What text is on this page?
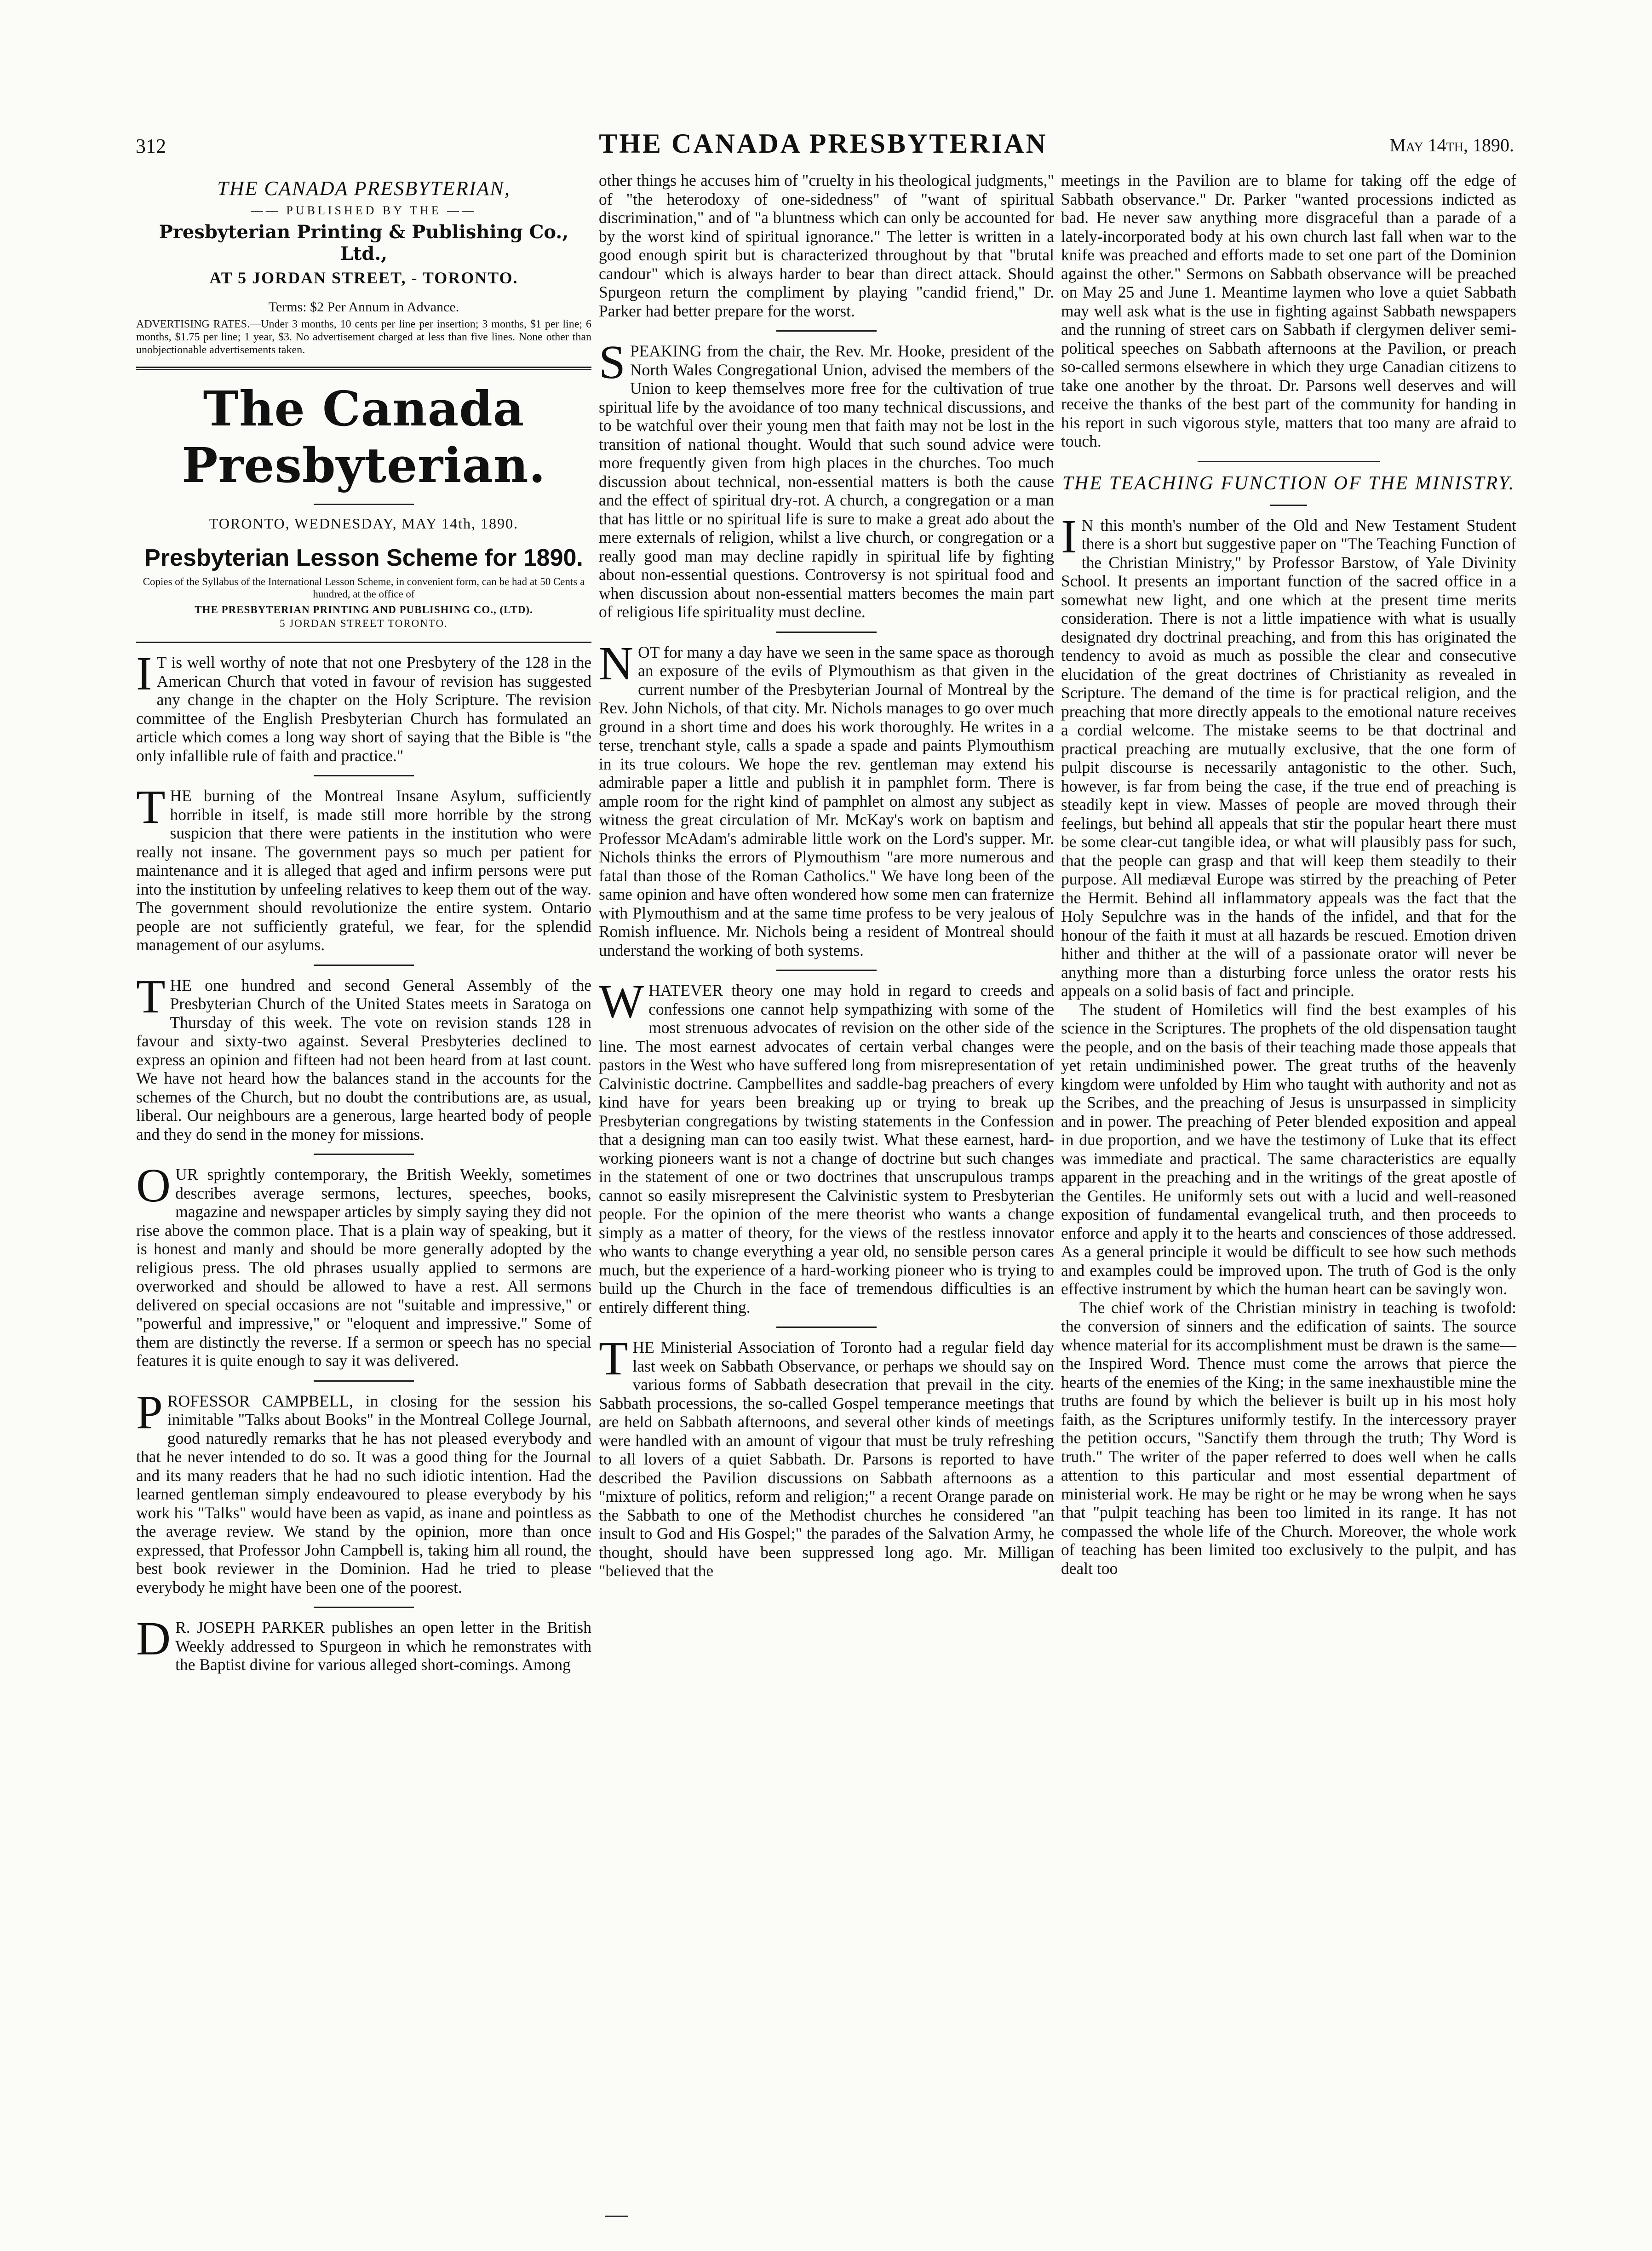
312	THE CANADA PRESBYTERIAN	May 14th, 1890.
THE CANADA PRESBYTERIAN,
—— PUBLISHED BY THE ——
Presbyterian Printing & Publishing Co., Ltd.,
AT 5 JORDAN STREET, - TORONTO.
Terms: $2 Per Annum in Advance.
ADVERTISING RATES.—Under 3 months, 10 cents per line per insertion; 3 months, $1 per line; 6 months, $1.75 per line; 1 year, $3. No advertisement charged at less than five lines. None other than unobjectionable advertisements taken.
The Canada Presbyterian.
TORONTO, WEDNESDAY, MAY 14th, 1890.
Presbyterian Lesson Scheme for 1890.
Copies of the Syllabus of the International Lesson Scheme, in convenient form, can be had at 50 Cents a hundred, at the office of
THE PRESBYTERIAN PRINTING AND PUBLISHING CO., (LTD).
5 JORDAN STREET TORONTO.

I T is well worthy of note that not one Presbytery of the 128 in the American Church that voted in favour of revision has suggested any change in the chapter on the Holy Scripture. The revision committee of the English Presbyterian Church has formulated an article which comes a long way short of saying that the Bible is "the only infallible rule of faith and practice."

THE burning of the Montreal Insane Asylum, sufficiently horrible in itself, is made still more horrible by the strong suspicion that there were patients in the institution who were really not insane. The government pays so much per patient for maintenance and it is alleged that aged and infirm persons were put into the institution by unfeeling relatives to keep them out of the way. The government should revolutionize the entire system. Ontario people are not sufficiently grateful, we fear, for the splendid management of our asylums.

THE one hundred and second General Assembly of the Presbyterian Church of the United States meets in Saratoga on Thursday of this week. The vote on revision stands 128 in favour and sixty-two against. Several Presbyteries declined to express an opinion and fifteen had not been heard from at last count. We have not heard how the balances stand in the accounts for the schemes of the Church, but no doubt the contributions are, as usual, liberal. Our neighbours are a generous, large hearted body of people and they do send in the money for missions.

OUR sprightly contemporary, the British Weekly, sometimes describes average sermons, lectures, speeches, books, magazine and newspaper articles by simply saying they did not rise above the common place. That is a plain way of speaking, but it is honest and manly and should be more generally adopted by the religious press. The old phrases usually applied to sermons are overworked and should be allowed to have a rest. All sermons delivered on special occasions are not "suitable and impressive," or "powerful and impressive," or "eloquent and impressive." Some of them are distinctly the reverse. If a sermon or speech has no special features it is quite enough to say it was delivered.

PROFESSOR CAMPBELL, in closing for the session his inimitable "Talks about Books" in the Montreal College Journal, good naturedly remarks that he has not pleased everybody and that he never intended to do so. It was a good thing for the Journal and its many readers that he had no such idiotic intention. Had the learned gentleman simply endeavoured to please everybody by his work his "Talks" would have been as vapid, as inane and pointless as the average review. We stand by the opinion, more than once expressed, that Professor John Campbell is, taking him all round, the best book reviewer in the Dominion. Had he tried to please everybody he might have been one of the poorest.

D R. JOSEPH PARKER publishes an open letter in the British Weekly addressed to Spurgeon in which he remonstrates with the Baptist divine for various alleged short-comings. Among

other things he accuses him of "cruelty in his theological judgments," of "the heterodoxy of one-sidedness" of "want of spiritual discrimination," and of "a bluntness which can only be accounted for by the worst kind of spiritual ignorance." The letter is written in a good enough spirit but is characterized throughout by that "brutal candour" which is always harder to bear than direct attack. Should Spurgeon return the compliment by playing "candid friend," Dr. Parker had better prepare for the worst.

SPEAKING from the chair, the Rev. Mr. Hooke, president of the North Wales Congregational Union, advised the members of the Union to keep themselves more free for the cultivation of true spiritual life by the avoidance of too many technical discussions, and to be watchful over their young men that faith may not be lost in the transition of national thought. Would that such sound advice were more frequently given from high places in the churches. Too much discussion about technical, non-essential matters is both the cause and the effect of spiritual dry-rot. A church, a congregation or a man that has little or no spiritual life is sure to make a great ado about the mere externals of religion, whilst a live church, or congregation or a really good man may decline rapidly in spiritual life by fighting about non-essential questions. Controversy is not spiritual food and when discussion about non-essential matters becomes the main part of religious life spirituality must decline.

NOT for many a day have we seen in the same space as thorough an exposure of the evils of Plymouthism as that given in the current number of the Presbyterian Journal of Montreal by the Rev. John Nichols, of that city. Mr. Nichols manages to go over much ground in a short time and does his work thoroughly. He writes in a terse, trenchant style, calls a spade a spade and paints Plymouthism in its true colours. We hope the rev. gentleman may extend his admirable paper a little and publish it in pamphlet form. There is ample room for the right kind of pamphlet on almost any subject as witness the great circulation of Mr. McKay's work on baptism and Professor McAdam's admirable little work on the Lord's supper. Mr. Nichols thinks the errors of Plymouthism "are more numerous and fatal than those of the Roman Catholics." We have long been of the same opinion and have often wondered how some men can fraternize with Plymouthism and at the same time profess to be very jealous of Romish influence. Mr. Nichols being a resident of Montreal should understand the working of both systems.

WHATEVER theory one may hold in regard to creeds and confessions one cannot help sympathizing with some of the most strenuous advocates of revision on the other side of the line. The most earnest advocates of certain verbal changes were pastors in the West who have suffered long from misrepresentation of Calvinistic doctrine. Campbellites and saddle-bag preachers of every kind have for years been breaking up or trying to break up Presbyterian congregations by twisting statements in the Confession that a designing man can too easily twist. What these earnest, hard-working pioneers want is not a change of doctrine but such changes in the statement of one or two doctrines that unscrupulous tramps cannot so easily misrepresent the Calvinistic system to Presbyterian people. For the opinion of the mere theorist who wants a change simply as a matter of theory, for the views of the restless innovator who wants to change everything a year old, no sensible person cares much, but the experience of a hard-working pioneer who is trying to build up the Church in the face of tremendous difficulties is an entirely different thing.

THE Ministerial Association of Toronto had a regular field day last week on Sabbath Observance, or perhaps we should say on various forms of Sabbath desecration that prevail in the city. Sabbath processions, the so-called Gospel temperance meetings that are held on Sabbath afternoons, and several other kinds of meetings were handled with an amount of vigour that must be truly refreshing to all lovers of a quiet Sabbath. Dr. Parsons is reported to have described the Pavilion discussions on Sabbath afternoons as a "mixture of politics, reform and religion;" a recent Orange parade on the Sabbath to one of the Methodist churches he considered "an insult to God and His Gospel;" the parades of the Salvation Army, he thought, should have been suppressed long ago. Mr. Milligan "believed that the

meetings in the Pavilion are to blame for taking off the edge of Sabbath observance." Dr. Parker "wanted processions indicted as bad. He never saw anything more disgraceful than a parade of a lately-incorporated body at his own church last fall when war to the knife was preached and efforts made to set one part of the Dominion against the other." Sermons on Sabbath observance will be preached on May 25 and June 1. Meantime laymen who love a quiet Sabbath may well ask what is the use in fighting against Sabbath newspapers and the running of street cars on Sabbath if clergymen deliver semi-political speeches on Sabbath afternoons at the Pavilion, or preach so-called sermons elsewhere in which they urge Canadian citizens to take one another by the throat. Dr. Parsons well deserves and will receive the thanks of the best part of the community for handing in his report in such vigorous style, matters that too many are afraid to touch.

THE TEACHING FUNCTION OF THE MINISTRY.

I N this month's number of the Old and New Testament Student there is a short but suggestive paper on "The Teaching Function of the Christian Ministry," by Professor Barstow, of Yale Divinity School. It presents an important function of the sacred office in a somewhat new light, and one which at the present time merits consideration. There is not a little impatience with what is usually designated dry doctrinal preaching, and from this has originated the tendency to avoid as much as possible the clear and consecutive elucidation of the great doctrines of Christianity as revealed in Scripture. The demand of the time is for practical religion, and the preaching that more directly appeals to the emotional nature receives a cordial welcome. The mistake seems to be that doctrinal and practical preaching are mutually exclusive, that the one form of pulpit discourse is necessarily antagonistic to the other. Such, however, is far from being the case, if the true end of preaching is steadily kept in view. Masses of people are moved through their feelings, but behind all appeals that stir the popular heart there must be some clear-cut tangible idea, or what will plausibly pass for such, that the people can grasp and that will keep them steadily to their purpose. All mediæval Europe was stirred by the preaching of Peter the Hermit. Behind all inflammatory appeals was the fact that the Holy Sepulchre was in the hands of the infidel, and that for the honour of the faith it must at all hazards be rescued. Emotion driven hither and thither at the will of a passionate orator will never be anything more than a disturbing force unless the orator rests his appeals on a solid basis of fact and principle.

The student of Homiletics will find the best examples of his science in the Scriptures. The prophets of the old dispensation taught the people, and on the basis of their teaching made those appeals that yet retain undiminished power. The great truths of the heavenly kingdom were unfolded by Him who taught with authority and not as the Scribes, and the preaching of Jesus is unsurpassed in simplicity and in power. The preaching of Peter blended exposition and appeal in due proportion, and we have the testimony of Luke that its effect was immediate and practical. The same characteristics are equally apparent in the preaching and in the writings of the great apostle of the Gentiles. He uniformly sets out with a lucid and well-reasoned exposition of fundamental evangelical truth, and then proceeds to enforce and apply it to the hearts and consciences of those addressed. As a general principle it would be difficult to see how such methods and examples could be improved upon. The truth of God is the only effective instrument by which the human heart can be savingly won.

The chief work of the Christian ministry in teaching is twofold: the conversion of sinners and the edification of saints. The source whence material for its accomplishment must be drawn is the same—the Inspired Word. Thence must come the arrows that pierce the hearts of the enemies of the King; in the same inexhaustible mine the truths are found by which the believer is built up in his most holy faith, as the Scriptures uniformly testify. In the intercessory prayer the petition occurs, "Sanctify them through the truth; Thy Word is truth." The writer of the paper referred to does well when he calls attention to this particular and most essential department of ministerial work. He may be right or he may be wrong when he says that "pulpit teaching has been too limited in its range. It has not compassed the whole life of the Church. Moreover, the whole work of teaching has been limited too exclusively to the pulpit, and has dealt too
